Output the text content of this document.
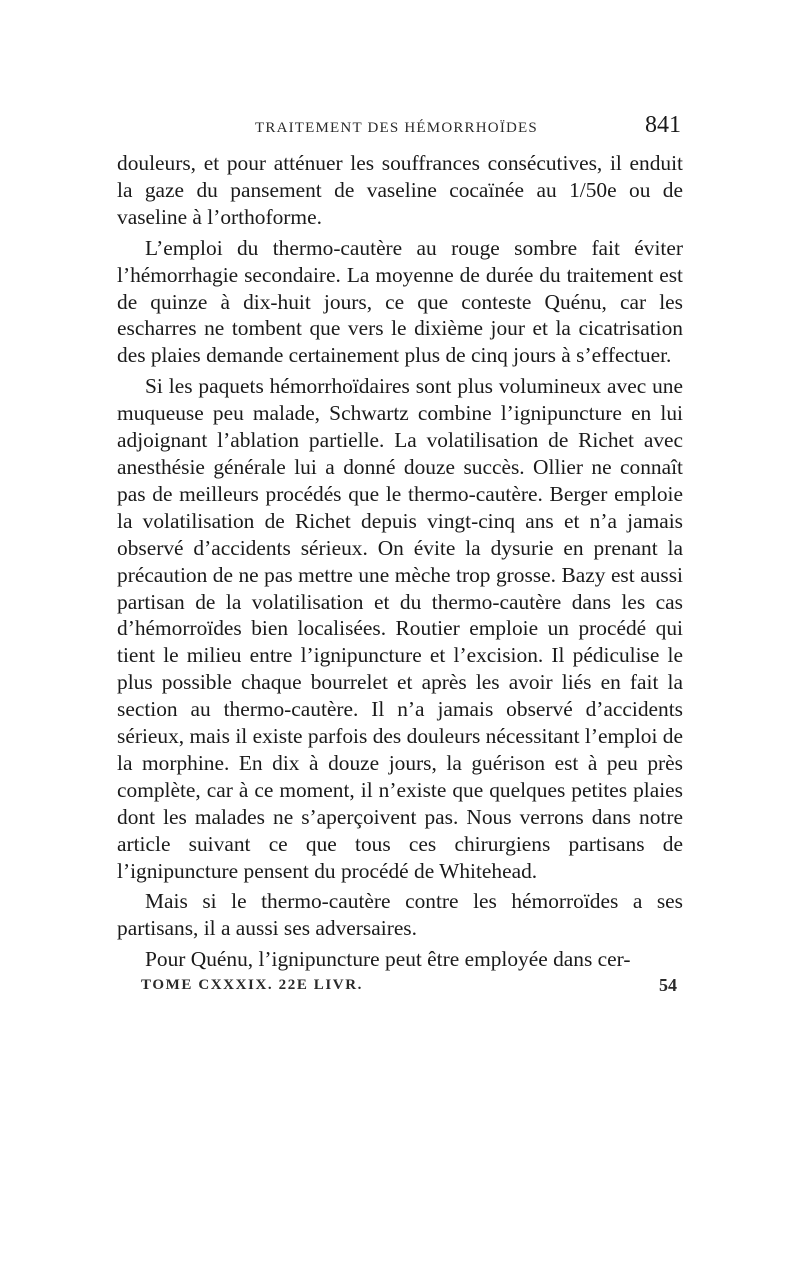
TRAITEMENT DES HÉMORRHOÏDES	841

douleurs, et pour atténuer les souffrances consécutives, il enduit la gaze du pansement de vaseline cocaïnée au 1/50e ou de vaseline à l’orthoforme.

L’emploi du thermo-cautère au rouge sombre fait éviter l’hémorrhagie secondaire. La moyenne de durée du traitement est de quinze à dix-huit jours, ce que conteste Quénu, car les escharres ne tombent que vers le dixième jour et la cicatrisation des plaies demande certainement plus de cinq jours à s’effectuer.

Si les paquets hémorrhoïdaires sont plus volumineux avec une muqueuse peu malade, Schwartz combine l’ignipuncture en lui adjoignant l’ablation partielle. La volatilisation de Richet avec anesthésie générale lui a donné douze succès. Ollier ne connaît pas de meilleurs procédés que le thermo-cautère. Berger emploie la volatilisation de Richet depuis vingt-cinq ans et n’a jamais observé d’accidents sérieux. On évite la dysurie en prenant la précaution de ne pas mettre une mèche trop grosse. Bazy est aussi partisan de la volatilisation et du thermo-cautère dans les cas d’hémorroïdes bien localisées. Routier emploie un procédé qui tient le milieu entre l’ignipuncture et l’excision. Il pédiculise le plus possible chaque bourrelet et après les avoir liés en fait la section au thermo-cautère. Il n’a jamais observé d’accidents sérieux, mais il existe parfois des douleurs nécessitant l’emploi de la morphine. En dix à douze jours, la guérison est à peu près complète, car à ce moment, il n’existe que quelques petites plaies dont les malades ne s’aperçoivent pas. Nous verrons dans notre article suivant ce que tous ces chirurgiens partisans de l’ignipuncture pensent du procédé de Whitehead.

Mais si le thermo-cautère contre les hémorroïdes a ses partisans, il a aussi ses adversaires.

Pour Quénu, l’ignipuncture peut être employée dans cer-

TOME CXXXIX. 22E LIVR.	54
